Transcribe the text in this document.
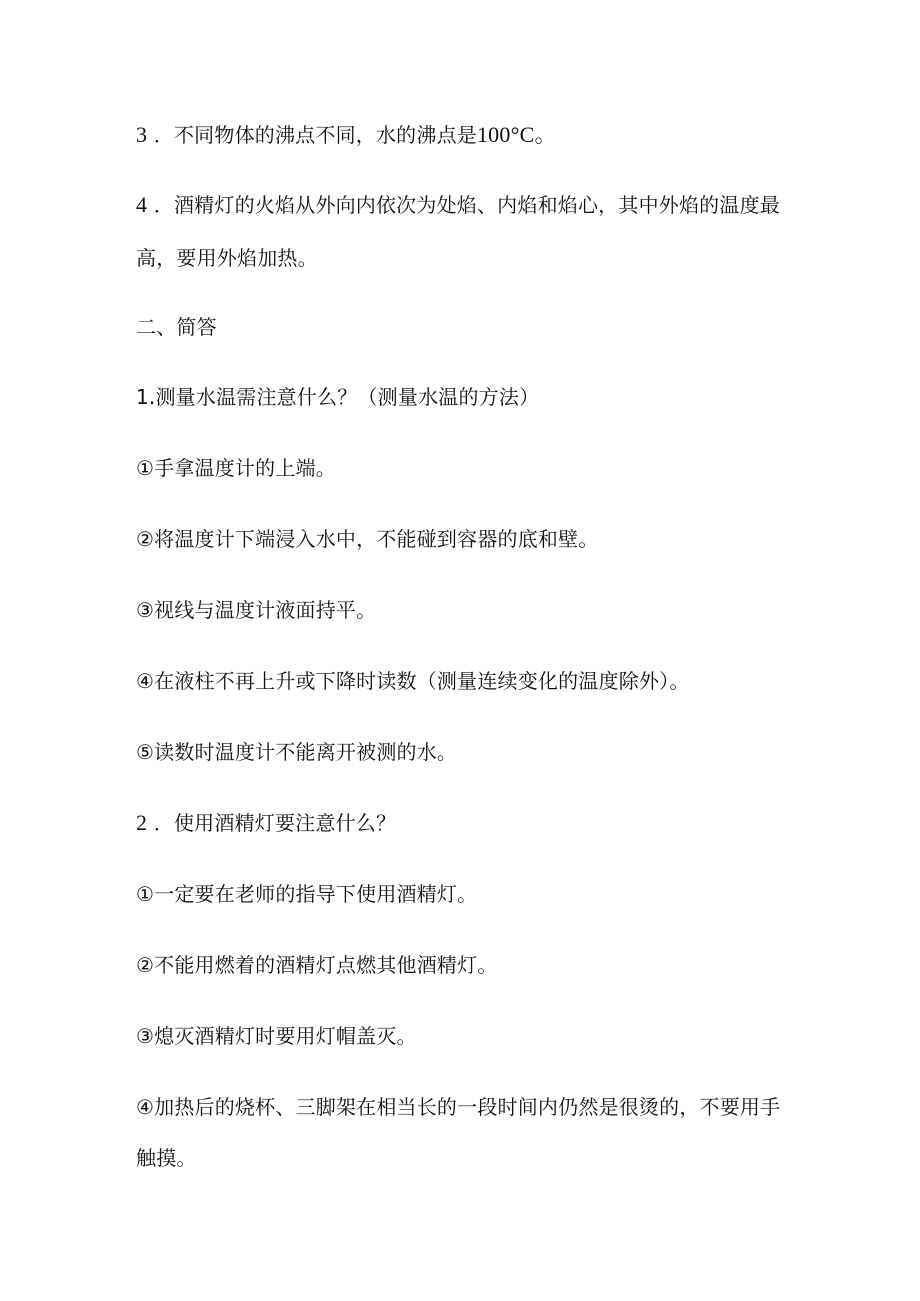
3 ．不同物体的沸点不同，水的沸点是100°C。
4 ．酒精灯的火焰从外向内依次为处焰、内焰和焰心，其中外焰的温度最
高，要用外焰加热。
二、简答
1.测量水温需注意什么？（测量水温的方法）
①手拿温度计的上端。
②将温度计下端浸入水中，不能碰到容器的底和壁。
③视线与温度计液面持平。
④在液柱不再上升或下降时读数（测量连续变化的温度除外）。
⑤读数时温度计不能离开被测的水。
2 ．使用酒精灯要注意什么？
①一定要在老师的指导下使用酒精灯。
②不能用燃着的酒精灯点燃其他酒精灯。
③熄灭酒精灯时要用灯帽盖灭。
④加热后的烧杯、三脚架在相当长的一段时间内仍然是很烫的，不要用手
触摸。
